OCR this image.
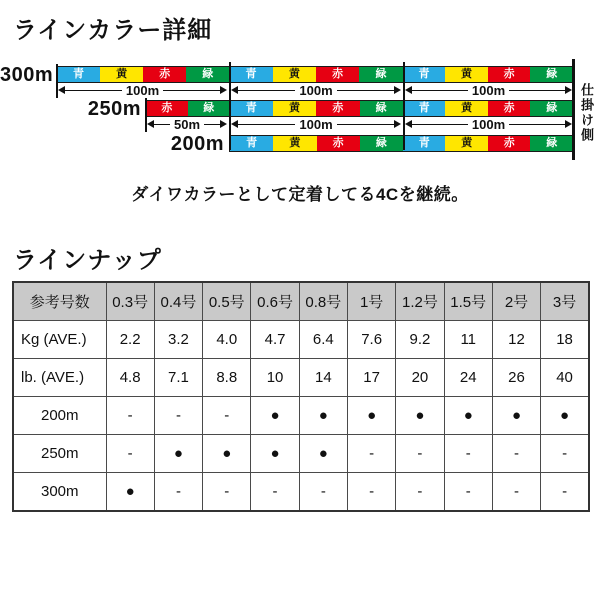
ラインカラー詳細
300m	青	黄	赤	緑	青	黄	赤	緑	青	黄	赤	緑
100m	100m	100m
250m	赤	緑	青	黄	赤	緑	青	黄	赤	緑
50m	100m	100m
200m	青	黄	赤	緑	青	黄	赤	緑	仕掛け側
ダイワカラーとして定着してる4Cを継続。
ラインナップ
参考号数	0.3号	0.4号	0.5号	0.6号	0.8号	1号	1.2号	1.5号	2号	3号
Kg (AVE.)	2.2	3.2	4.0	4.7	6.4	7.6	9.2	11	12	18
lb. (AVE.)	4.8	7.1	8.8	10	14	17	20	24	26	40
200m	-	-	-	●	●	●	●	●	●	●
250m	-	●	●	●	●	-	-	-	-	-
300m	●	-	-	-	-	-	-	-	-	-
